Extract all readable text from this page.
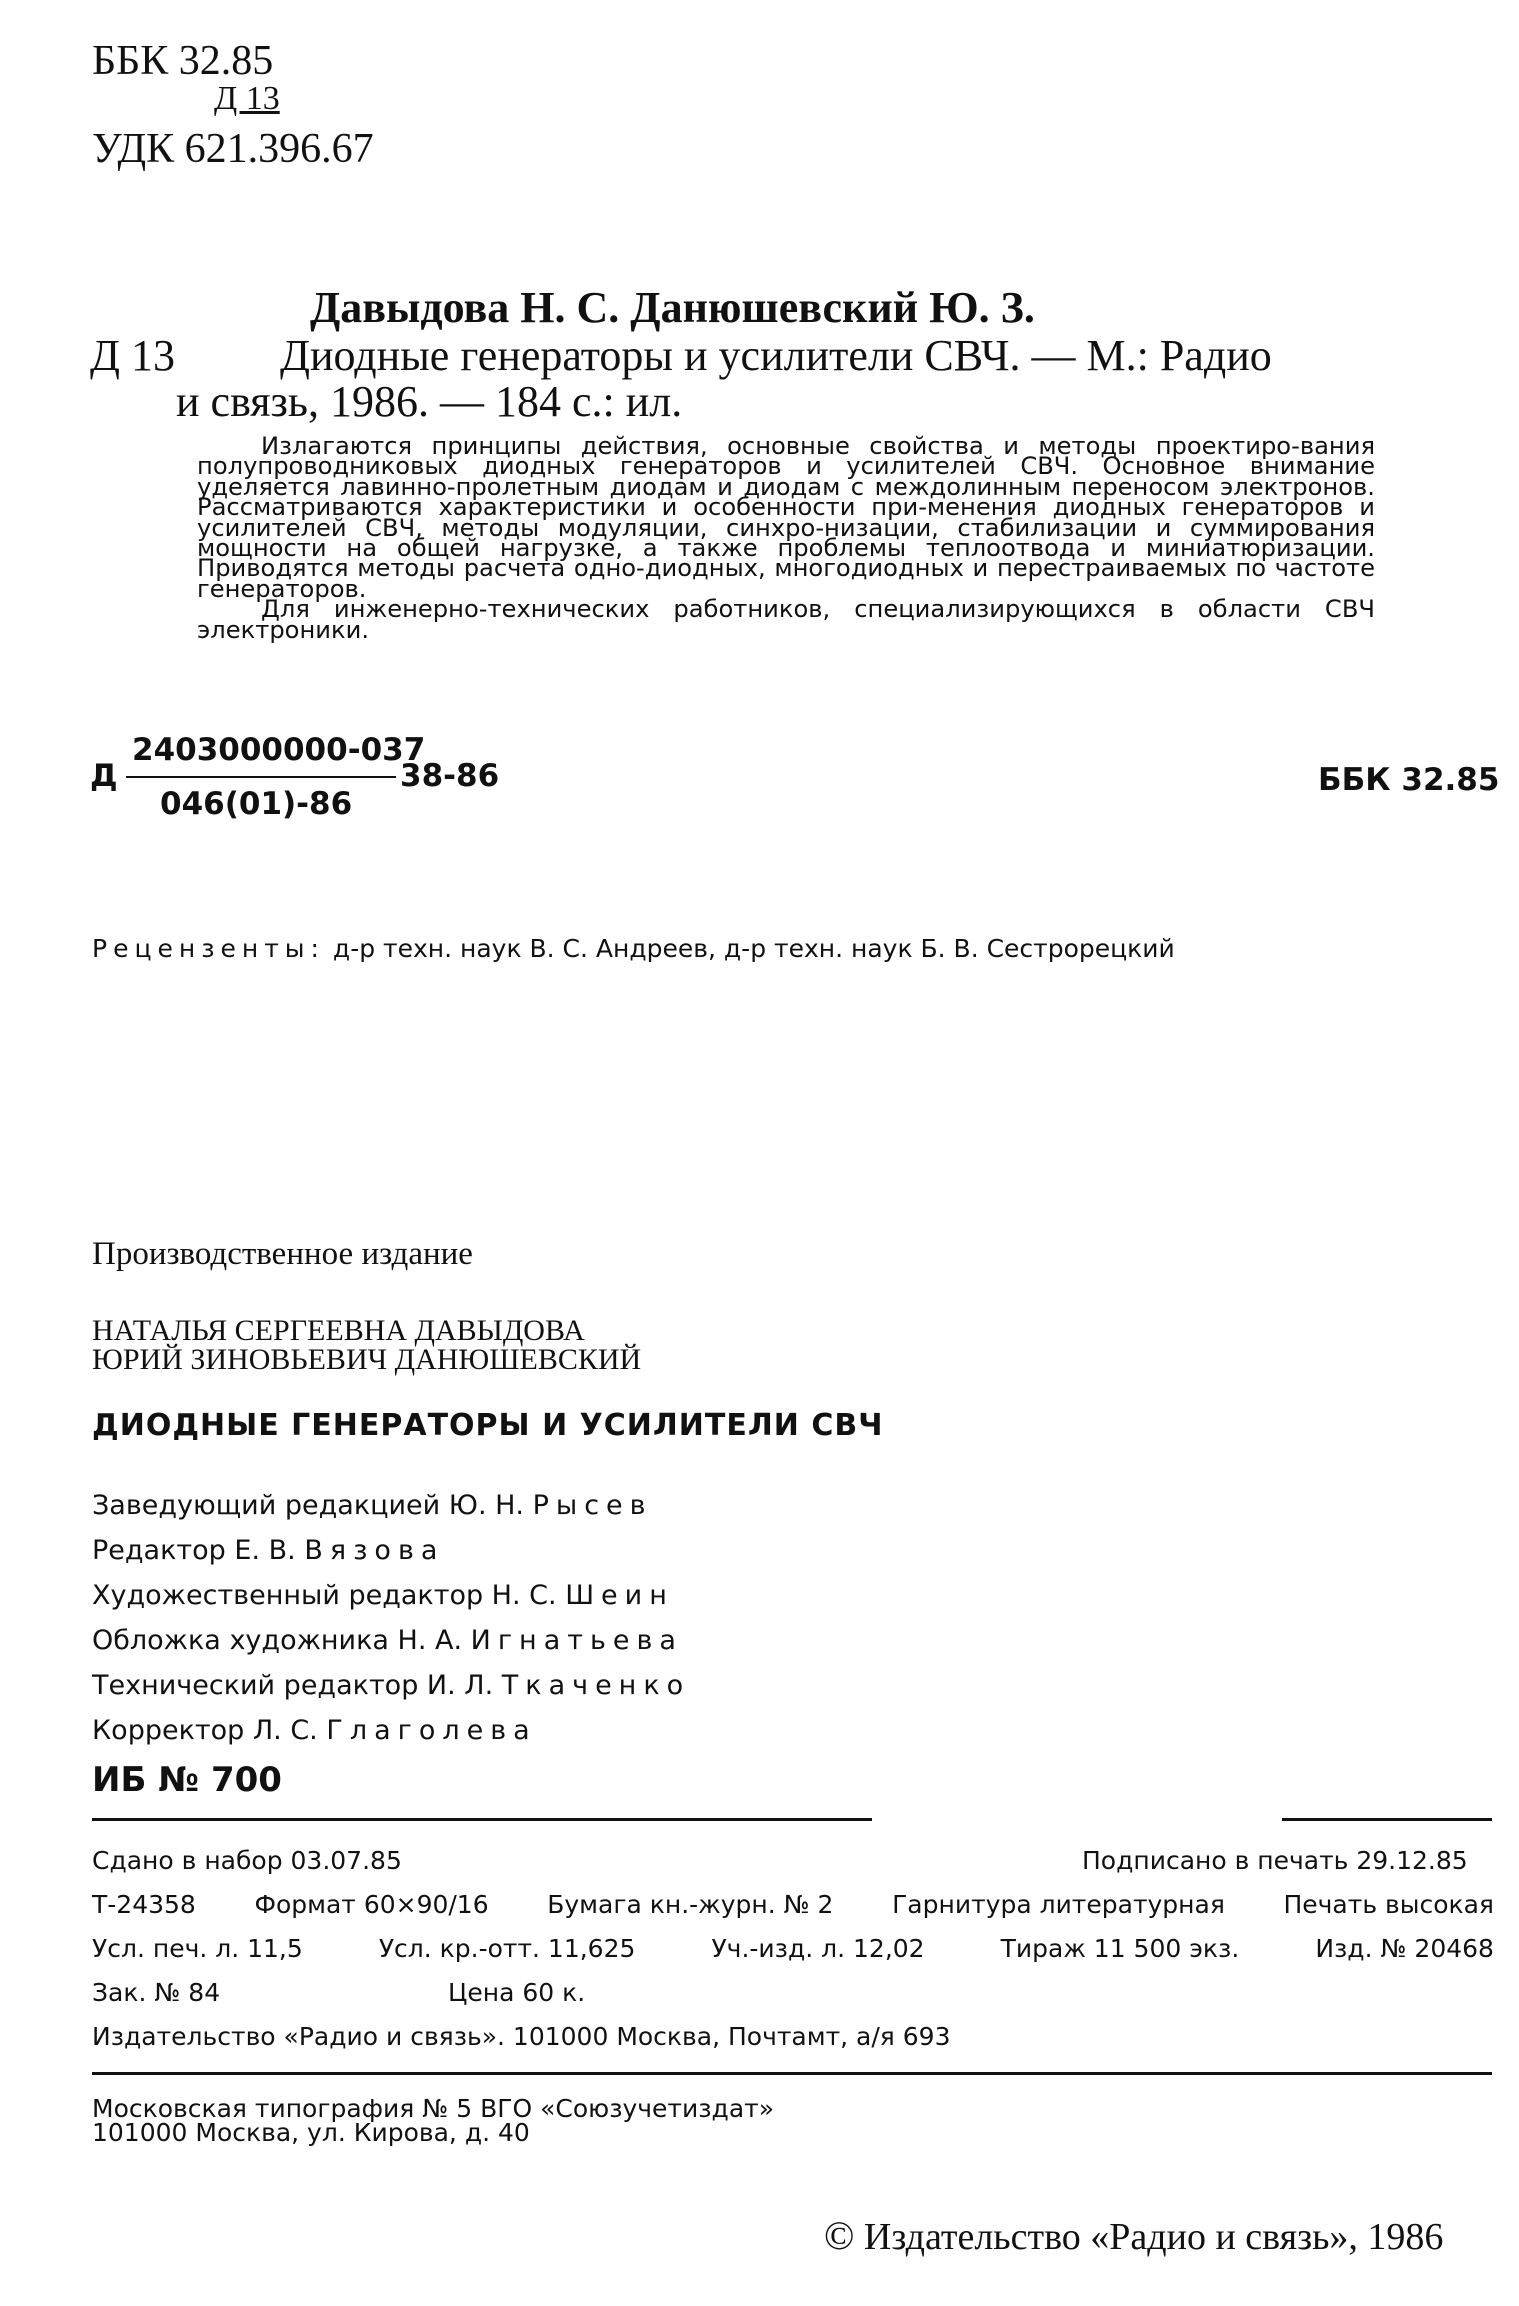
ББК 32.85
Д 13
УДК 621.396.67
Давыдова Н. С. Данюшевский Ю. З.
Д 13 Диодные генераторы и усилители СВЧ. — М.: Радио
и связь, 1986. — 184 с.: ил.

Излагаются принципы действия, основные свойства и методы проектиро-вания полупроводниковых диодных генераторов и усилителей СВЧ. Основное внимание уделяется лавинно-пролетным диодам и диодам с междолинным переносом электронов. Рассматриваются характеристики и особенности при-менения диодных генераторов и усилителей СВЧ, методы модуляции, синхро-низации, стабилизации и суммирования мощности на общей нагрузке, а также проблемы теплоотвода и миниатюризации. Приводятся методы расчета одно-диодных, многодиодных и перестраиваемых по частоте генераторов.

Для инженерно-технических работников, специализирующихся в области СВЧ электроники.

Д
2403000000-037
046(01)-86
38-86	ББК 32.85
Рецензенты: д-р техн. наук В. С. Андреев, д-р техн. наук Б. В. Сестрорецкий
Производственное издание
НАТАЛЬЯ СЕРГЕЕВНА ДАВЫДОВА
ЮРИЙ ЗИНОВЬЕВИЧ ДАНЮШЕВСКИЙ
ДИОДНЫЕ ГЕНЕРАТОРЫ И УСИЛИТЕЛИ СВЧ
Заведующий редакцией Ю. Н. Рысев
Редактор Е. В. Вязова
Художественный редактор Н. С. Шеин
Обложка художника Н. А. Игнатьева
Технический редактор И. Л. Ткаченко
Корректор Л. С. Глаголева
ИБ № 700
Сдано в набор 03.07.85	Подписано в печать 29.12.85
Т-24358 Формат 60×90/16 Бумага кн.-журн. № 2 Гарнитура литературная Печать высокая
Усл. печ. л. 11,5	Усл. кр.-отт. 11,625	Уч.-изд. л. 12,02	Тираж 11 500 экз.	Изд. № 20468
Зак. № 84	Цена 60 к.
Издательство «Радио и связь». 101000 Москва, Почтамт, а/я 693
Московская типография № 5 ВГО «Союзучетиздат»
101000 Москва, ул. Кирова, д. 40
© Издательство «Радио и связь», 1986
